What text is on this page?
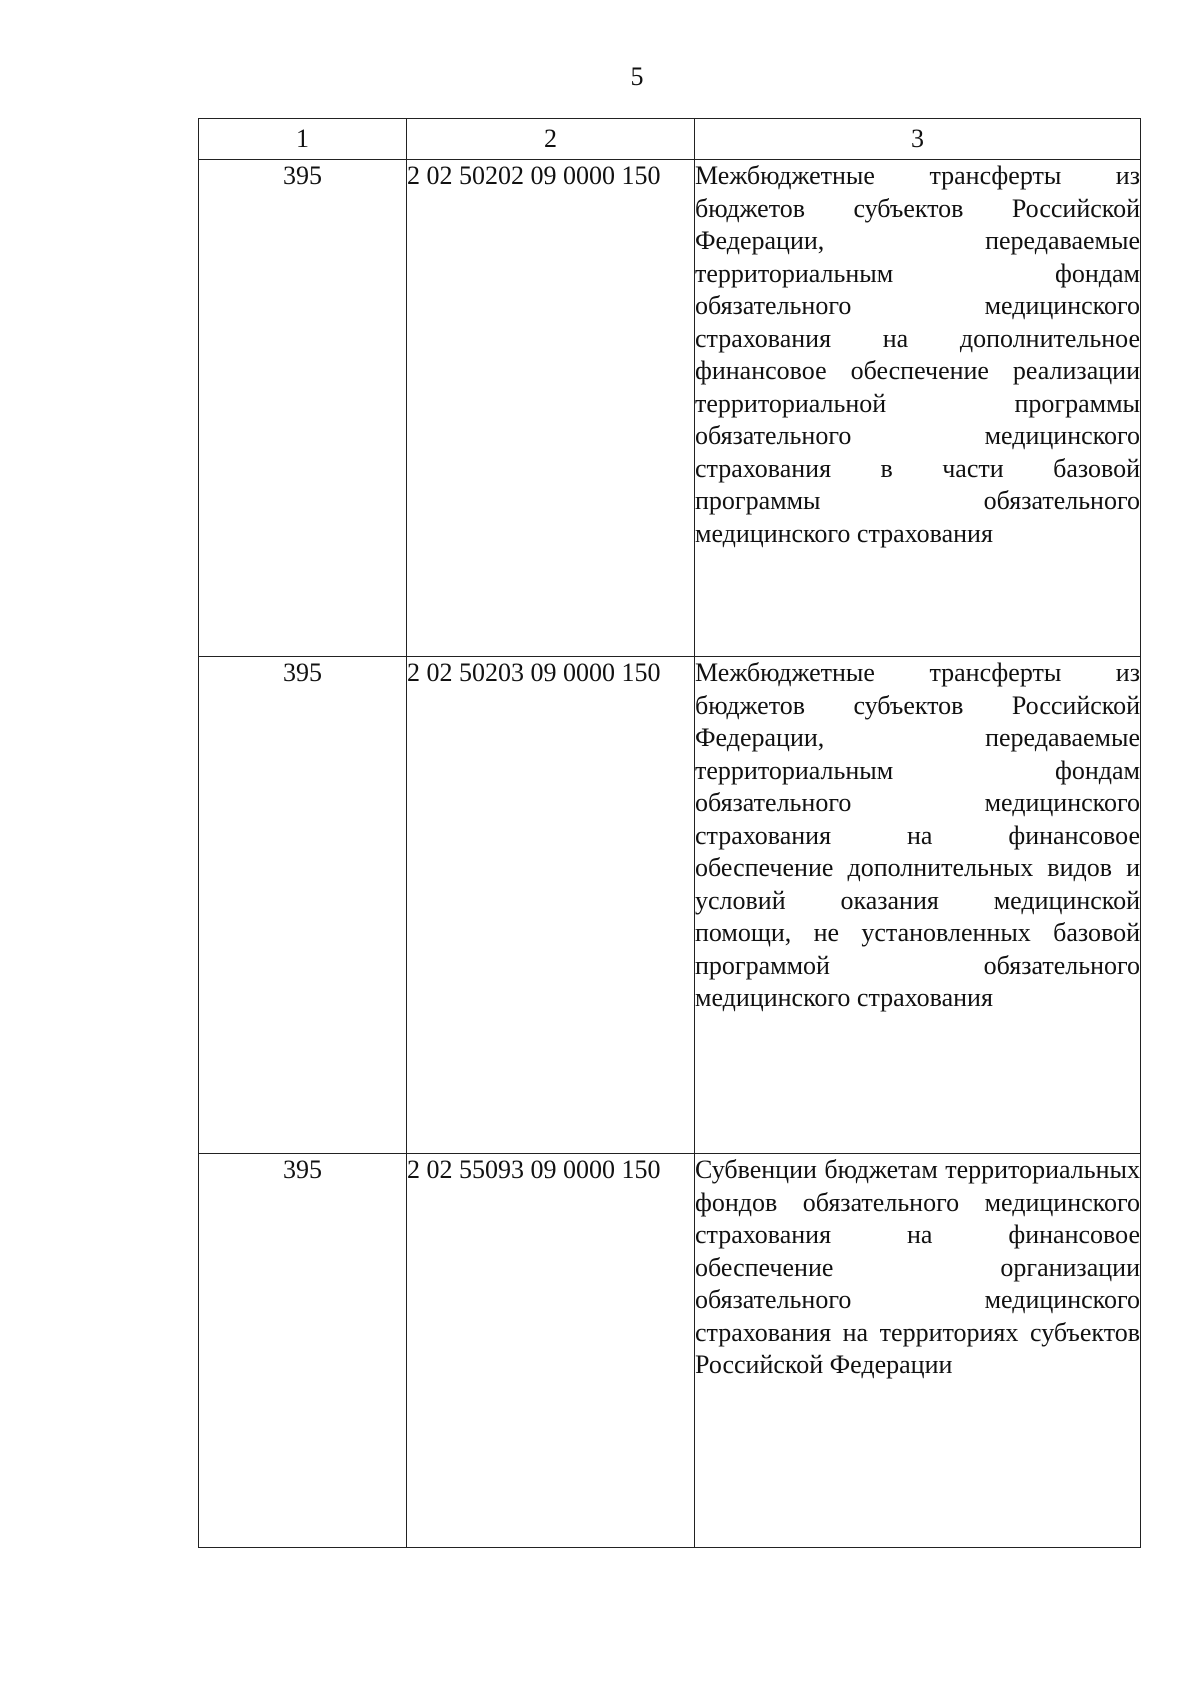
5
1	2	3
395	2 02 50202 09 0000 150	Межбюджетные трансферты из бюджетов субъектов Российской Федерации, передаваемые территориальным фондам обязательного медицинского страхования на дополнительное финансовое обеспечение реализации территориальной программы обязательного медицинского страхования в части базовой программы обязательного медицинского страхования
395	2 02 50203 09 0000 150	Межбюджетные трансферты из бюджетов субъектов Российской Федерации, передаваемые территориальным фондам обязательного медицинского страхования на финансовое обеспечение дополнительных видов и условий оказания медицинской помощи, не установленных базовой программой обязательного медицинского страхования
395	2 02 55093 09 0000 150	Субвенции бюджетам территориальных фондов обязательного медицинского страхования на финансовое обеспечение организации обязательного медицинского страхования на территориях субъектов Российской Федерации
